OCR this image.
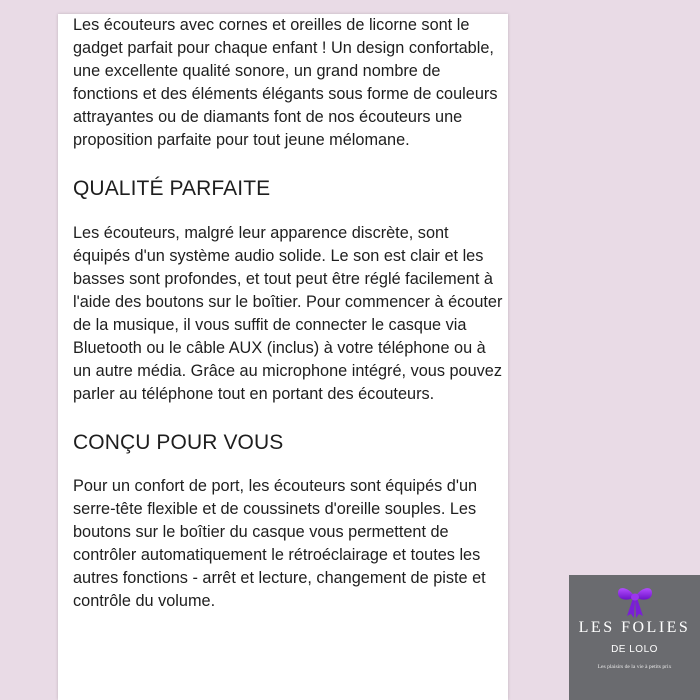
Les écouteurs avec cornes et oreilles de licorne sont le gadget parfait pour chaque enfant ! Un design confortable, une excellente qualité sonore, un grand nombre de fonctions et des éléments élégants sous forme de couleurs attrayantes ou de diamants font de nos écouteurs une proposition parfaite pour tout jeune mélomane.

QUALITÉ PARFAITE

Les écouteurs, malgré leur apparence discrète, sont équipés d'un système audio solide. Le son est clair et les basses sont profondes, et tout peut être réglé facilement à l'aide des boutons sur le boîtier. Pour commencer à écouter de la musique, il vous suffit de connecter le casque via Bluetooth ou le câble AUX (inclus) à votre téléphone ou à un autre média. Grâce au microphone intégré, vous pouvez parler au téléphone tout en portant des écouteurs.

CONÇU POUR VOUS

Pour un confort de port, les écouteurs sont équipés d'un serre-tête flexible et de coussinets d'oreille souples. Les boutons sur le boîtier du casque vous permettent de contrôler automatiquement le rétroéclairage et toutes les autres fonctions - arrêt et lecture, changement de piste et contrôle du volume.

LES FOLIES
DE LOLO
Les plaisirs de la vie à petits prix
